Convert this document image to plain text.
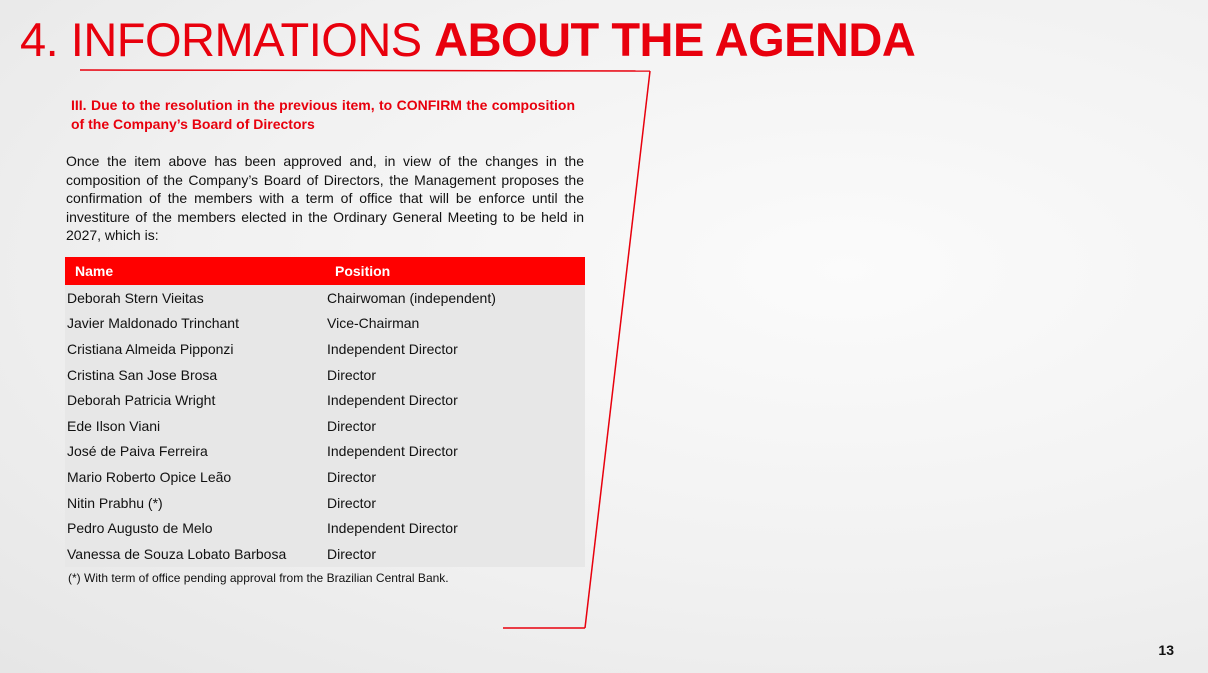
4. INFORMATIONS ABOUT THE AGENDA

III. Due to the resolution in the previous item, to CONFIRM the composition of the Company’s Board of Directors

Once the item above has been approved and, in view of the changes in the composition of the Company’s Board of Directors, the Management proposes the confirmation of the members with a term of office that will be enforce until the investiture of the members elected in the Ordinary General Meeting to be held in 2027, which is:

Name	Position
Deborah Stern Vieitas	Chairwoman (independent)
Javier Maldonado Trinchant	Vice-Chairman
Cristiana Almeida Pipponzi	Independent Director
Cristina San Jose Brosa	Director
Deborah Patricia Wright	Independent Director
Ede Ilson Viani	Director
José de Paiva Ferreira	Independent Director
Mario Roberto Opice Leão	Director
Nitin Prabhu (*)	Director
Pedro Augusto de Melo	Independent Director
Vanessa de Souza Lobato Barbosa	Director
(*) With term of office pending approval from the Brazilian Central Bank.
13
